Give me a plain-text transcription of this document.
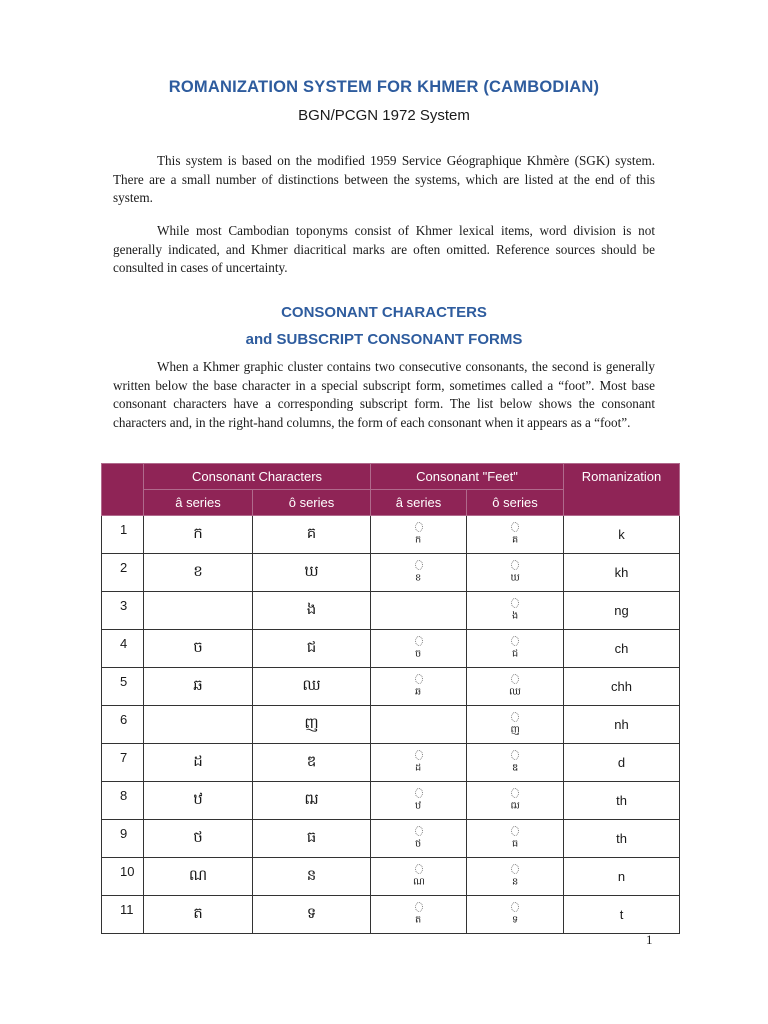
ROMANIZATION SYSTEM FOR KHMER (CAMBODIAN)
BGN/PCGN 1972 System

This system is based on the modified 1959 Service Géographique Khmère (SGK) system. There are a small number of distinctions between the systems, which are listed at the end of this system.

While most Cambodian toponyms consist of Khmer lexical items, word division is not generally indicated, and Khmer diacritical marks are often omitted. Reference sources should be consulted in cases of uncertainty.

CONSONANT CHARACTERS
and SUBSCRIPT CONSONANT FORMS

When a Khmer graphic cluster contains two consecutive consonants, the second is generally written below the base character in a special subscript form, sometimes called a “foot”. Most base consonant characters have a corresponding subscript form. The list below shows the consonant characters and, in the right-hand columns, the form of each consonant when it appears as a “foot”.

	Consonant Characters		Consonant "Feet"		Romanization
	â series	ô series	â series	ô series	
1	ក	គ	ក	គ	k
2	ខ	ឃ	ខ	ឃ	kh
3		ង		ង	ng
4	ច	ជ	ច	ជ	ch
5	ឆ	ឈ	ឆ	ឈ	chh
6		ញ		ញ	nh
7	ដ	ឌ	ដ	ឌ	d
8	ឋ	ឍ	ឋ	ឍ	th
9	ថ	ធ	ថ	ធ	th
10	ណ	ន	ណ	ន	n
11	ត	ទ	ត	ទ	t
1
